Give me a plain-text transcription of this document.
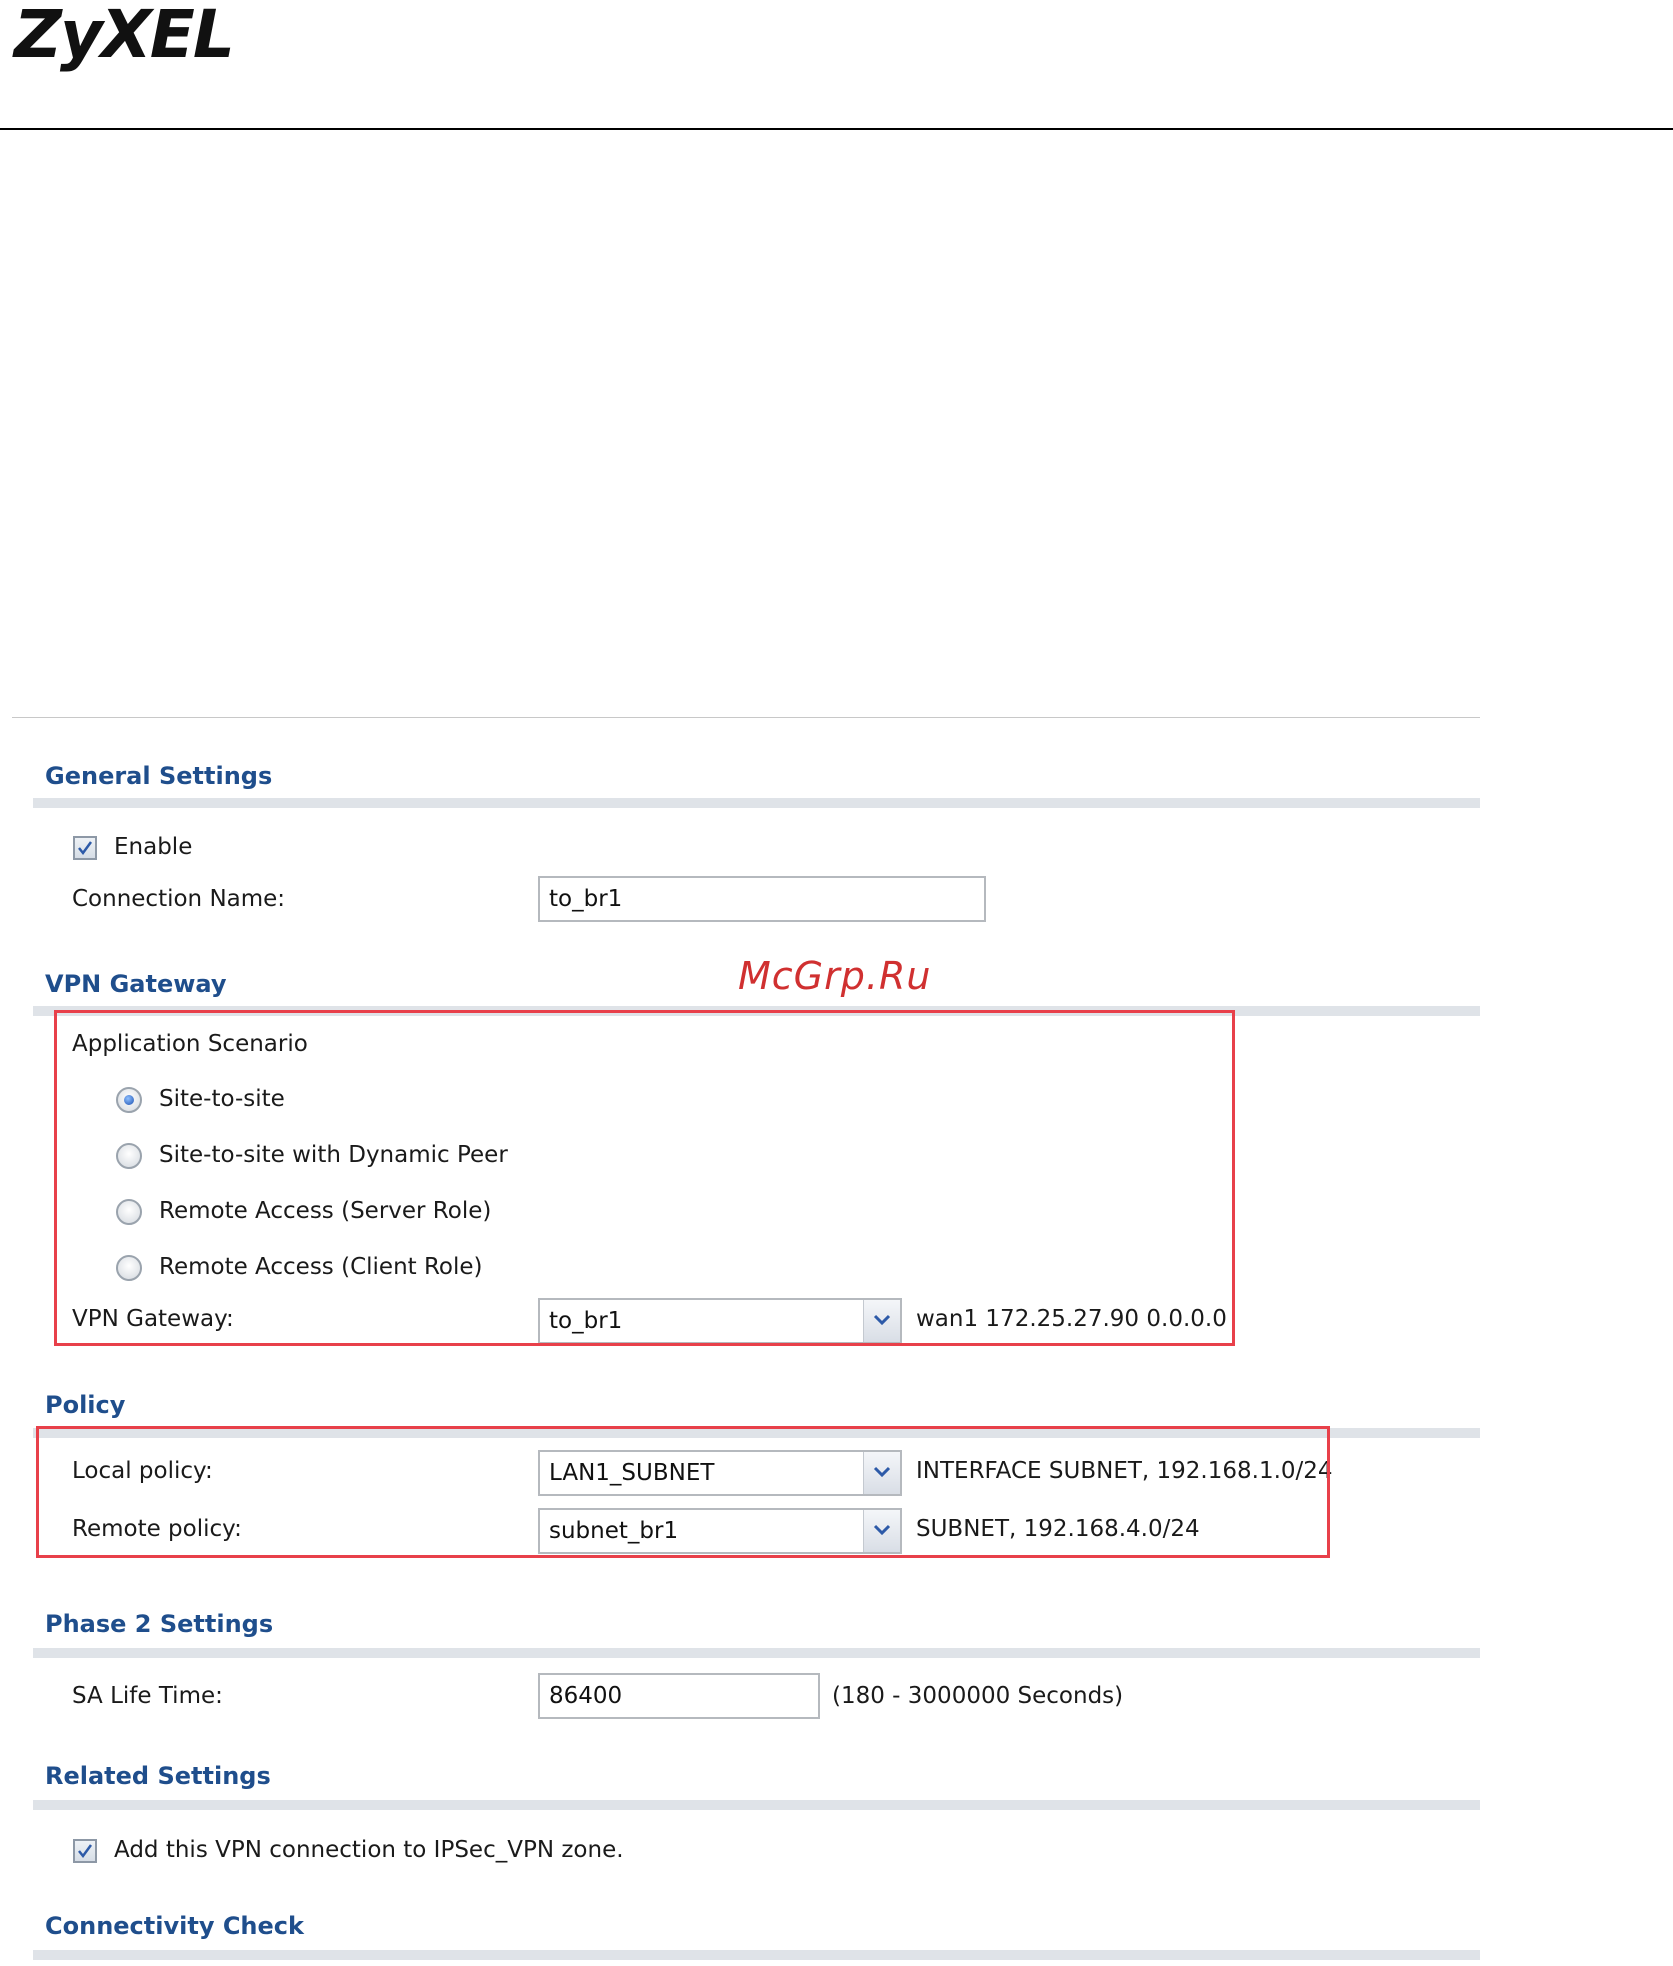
ZyXEL
General Settings
Enable
Connection Name:	to_br1
VPN Gateway
Application Scenario
Site-to-site
Site-to-site with Dynamic Peer
Remote Access (Server Role)
Remote Access (Client Role)
VPN Gateway:	to_br1	wan1 172.25.27.90 0.0.0.0
McGrp.Ru
Policy
Local policy:	LAN1_SUBNET	INTERFACE SUBNET, 192.168.1.0/24
Remote policy:	subnet_br1	SUBNET, 192.168.4.0/24
Phase 2 Settings
SA Life Time:	86400	(180 - 3000000 Seconds)
Related Settings
Add this VPN connection to IPSec_VPN zone.
Connectivity Check
